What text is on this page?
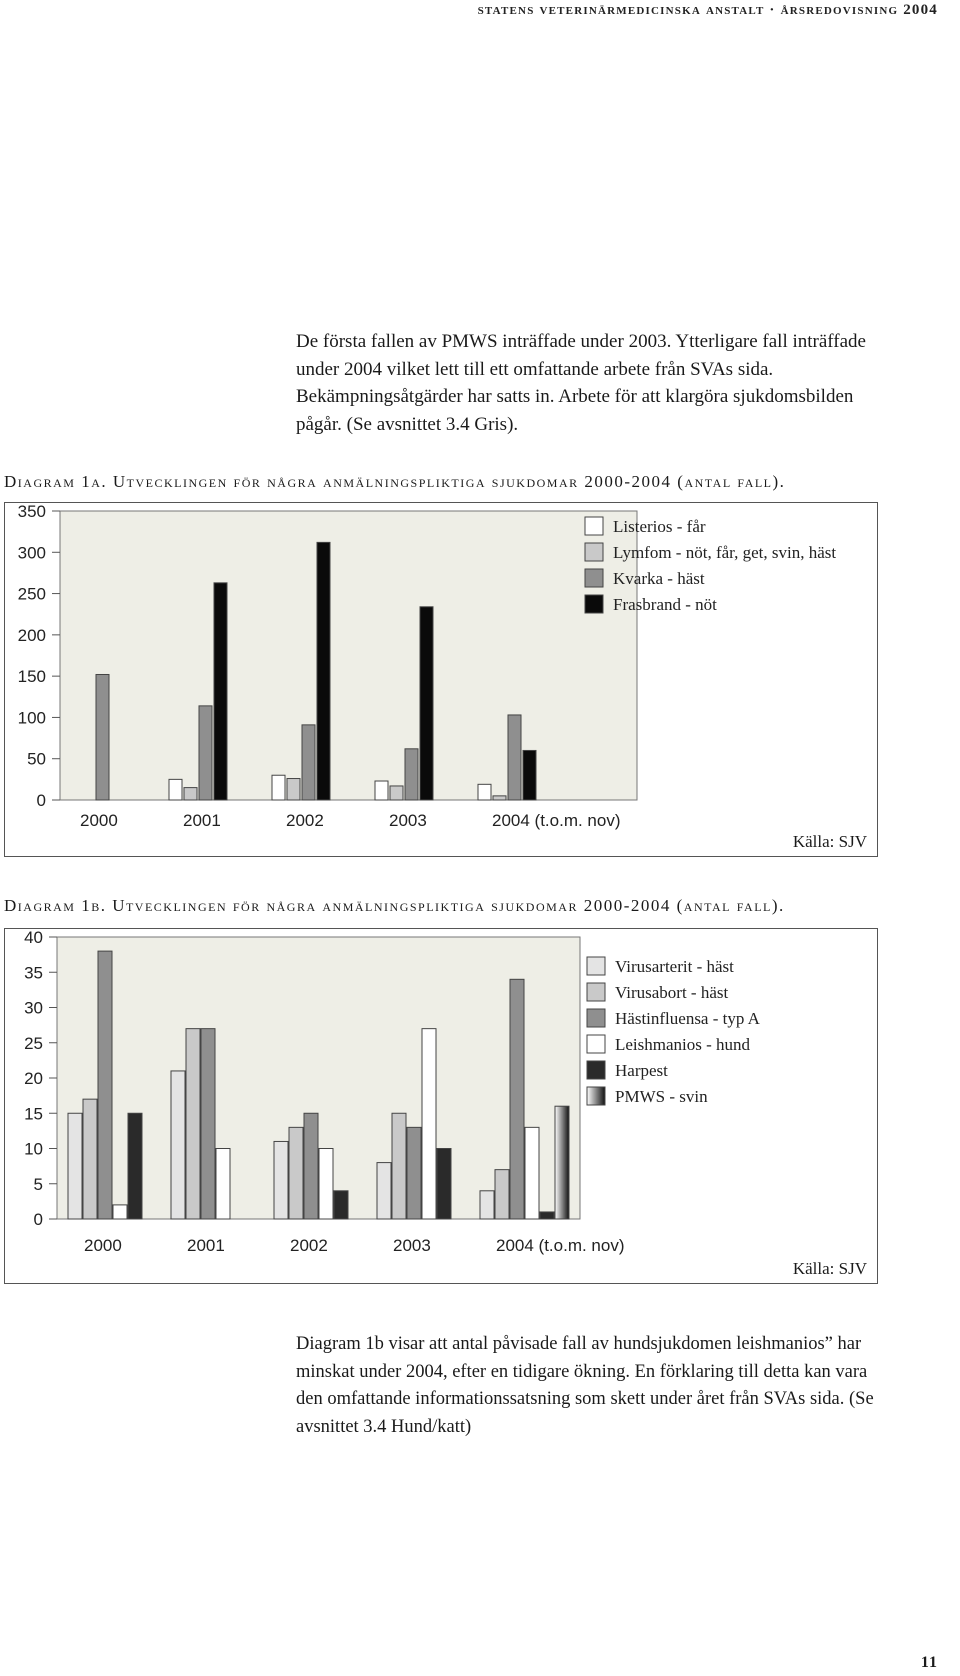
statens veterinärmedicinska anstalt · årsredovisning 2004

De första fallen av PMWS inträffade under 2003. Ytterligare fall inträffade under 2004 vilket lett till ett omfattande arbete från SVAs sida. Bekämpningsåtgärder har satts in. Arbete för att klargöra sjukdomsbilden pågår. (Se avsnittet 3.4 Gris).

Diagram 1a. Utvecklingen för några anmälningspliktiga sjukdomar 2000-2004 (antal fall).

0
50
100
150
200
250
300
350
2000	2001	2002	2003	2004 (t.o.m. nov)
Listerios - får
Lymfom - nöt, får, get, svin, häst
Kvarka - häst
Frasbrand - nöt
Källa: SJV

Diagram 1b. Utvecklingen för några anmälningspliktiga sjukdomar 2000-2004 (antal fall).

0
5
10
15
20
25
30
35
40
2000	2001	2002	2003	2004 (t.o.m. nov)
Virusarterit - häst
Virusabort - häst
Hästinfluensa - typ A
Leishmanios - hund
Harpest
PMWS - svin
Källa: SJV

Diagram 1b visar att antal påvisade fall av hundsjukdomen leishmanios” har minskat under 2004, efter en tidigare ökning. En förklaring till detta kan vara den omfattande informationssatsning som skett under året från SVAs sida. (Se avsnittet 3.4 Hund/katt)

11
